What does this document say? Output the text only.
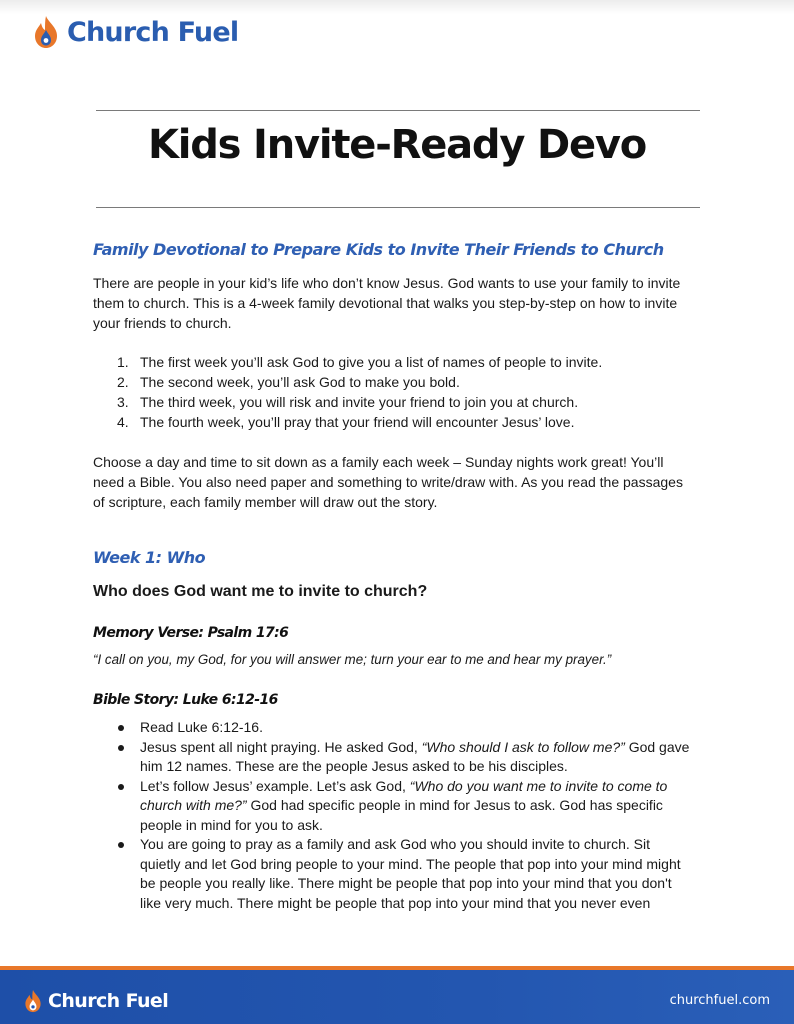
Church Fuel
Kids Invite-Ready Devo
Family Devotional to Prepare Kids to Invite Their Friends to Church

There are people in your kid’s life who don’t know Jesus. God wants to use your family to invite
them to church. This is a 4-week family devotional that walks you step-by-step on how to invite
your friends to church.

1. The first week you’ll ask God to give you a list of names of people to invite.
2. The second week, you’ll ask God to make you bold.
3. The third week, you will risk and invite your friend to join you at church.
4. The fourth week, you’ll pray that your friend will encounter Jesus’ love.

Choose a day and time to sit down as a family each week – Sunday nights work great! You’ll
need a Bible. You also need paper and something to write/draw with. As you read the passages
of scripture, each family member will draw out the story.

Week 1: Who
Who does God want me to invite to church?
Memory Verse: Psalm 17:6

“I call on you, my God, for you will answer me; turn your ear to me and hear my prayer.”

Bible Story: Luke 6:12-16
Read Luke 6:12-16.
Jesus spent all night praying. He asked God, “Who should I ask to follow me?” God gave
him 12 names. These are the people Jesus asked to be his disciples.
Let’s follow Jesus’ example. Let’s ask God, “Who do you want me to invite to come to
church with me?” God had specific people in mind for Jesus to ask. God has specific
people in mind for you to ask.
You are going to pray as a family and ask God who you should invite to church. Sit
quietly and let God bring people to your mind. The people that pop into your mind might
be people you really like. There might be people that pop into your mind that you don't
like very much. There might be people that pop into your mind that you never even
Church Fuel	churchfuel.com
